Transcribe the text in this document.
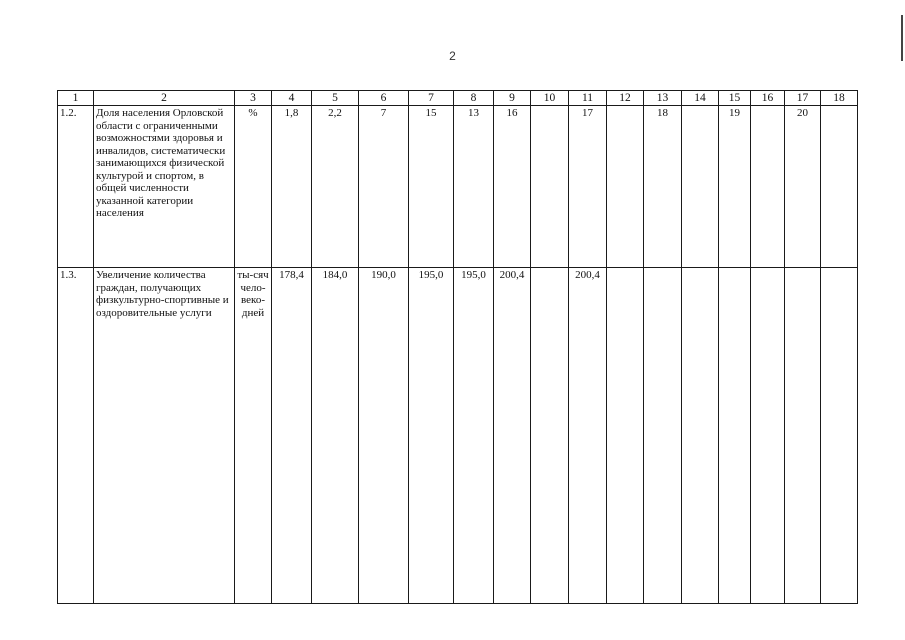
2
1	2	3	4	5	6	7	8	9	10	11	12	13	14	15	16	17	18
1.2.	Доля населения Орловской области с ограниченными возможностями здоровья и инвалидов, систематически занимающихся физической культурой и спортом, в общей численности указанной категории населения	%	1,8	2,2	7	15	13	16		17		18		19		20	
1.3.	Увеличение количества граждан, получающих физкультурно-спортивные и оздоровительные услуги	ты-сяч чело-веко-дней	178,4	184,0	190,0	195,0	195,0	200,4		200,4							
